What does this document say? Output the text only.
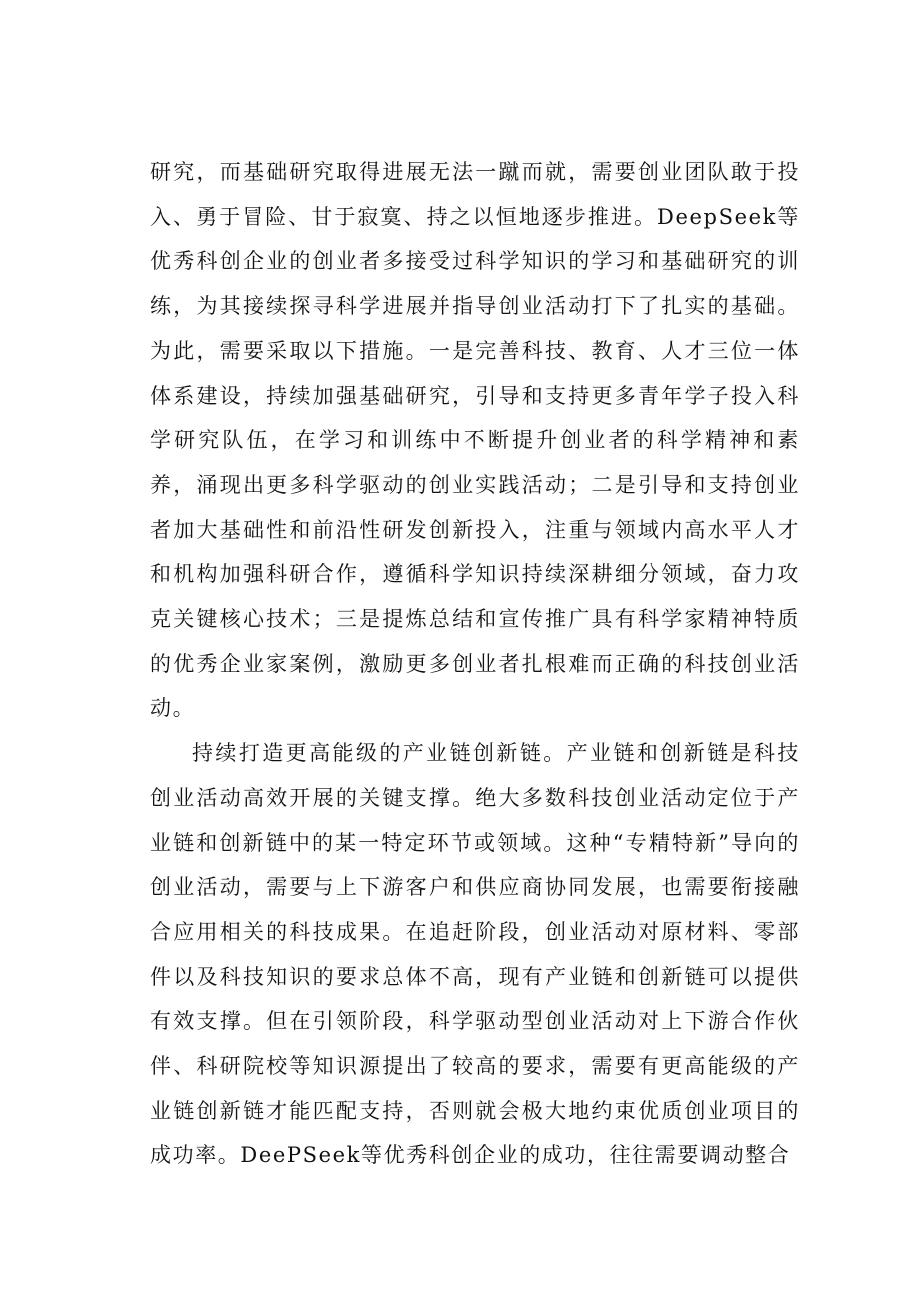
研究，而基础研究取得进展无法一蹴而就，需要创业团队敢于投入、勇于冒险、甘于寂寞、持之以恒地逐步推进。DeepSeek等优秀科创企业的创业者多接受过科学知识的学习和基础研究的训练，为其接续探寻科学进展并指导创业活动打下了扎实的基础。为此，需要采取以下措施。一是完善科技、教育、人才三位一体体系建设，持续加强基础研究，引导和支持更多青年学子投入科学研究队伍，在学习和训练中不断提升创业者的科学精神和素养，涌现出更多科学驱动的创业实践活动；二是引导和支持创业者加大基础性和前沿性研发创新投入，注重与领域内高水平人才和机构加强科研合作，遵循科学知识持续深耕细分领域，奋力攻克关键核心技术；三是提炼总结和宣传推广具有科学家精神特质的优秀企业家案例，激励更多创业者扎根难而正确的科技创业活动。

持续打造更高能级的产业链创新链。产业链和创新链是科技创业活动高效开展的关键支撑。绝大多数科技创业活动定位于产业链和创新链中的某一特定环节或领域。这种“专精特新”导向的创业活动，需要与上下游客户和供应商协同发展，也需要衔接融合应用相关的科技成果。在追赶阶段，创业活动对原材料、零部件以及科技知识的要求总体不高，现有产业链和创新链可以提供有效支撑。但在引领阶段，科学驱动型创业活动对上下游合作伙伴、科研院校等知识源提出了较高的要求，需要有更高能级的产业链创新链才能匹配支持，否则就会极大地约束优质创业项目的成功率。DeePSeek等优秀科创企业的成功，往往需要调动整合
